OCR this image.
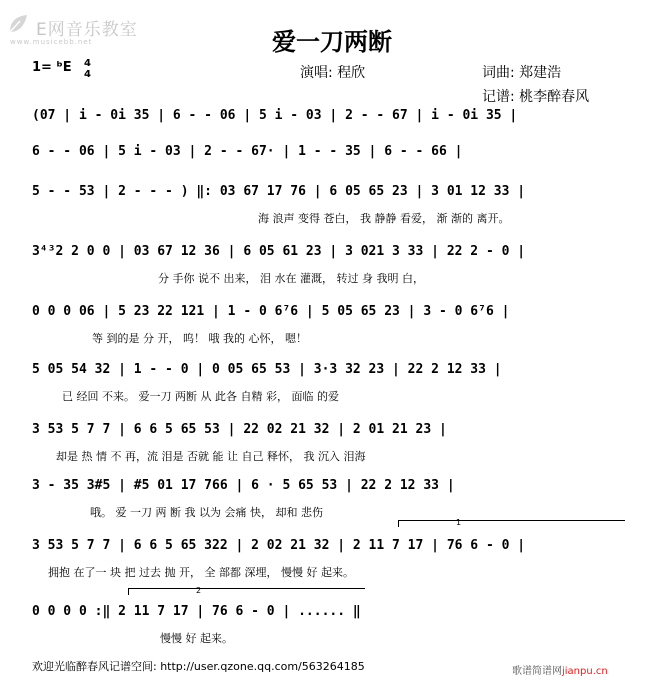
E网音乐教室
www.musicebb.net	爱一刀两断
1= ᵇE 4
4	演唱: 程欣	词曲: 郑建浩
记谱: 桃李醉春风
(07 | i - 0i 35 | 6 - - 06 | 5 i - 03 | 2 - - 67 | i - 0i 35 |
6 - - 06 | 5 i - 03 | 2 - - 67· | 1 - - 35 | 6 - - 66 |
5 - - 53 | 2 - - - ) ‖: 03 67 17 76 | 6 05 65 23 | 3 01 12 33 |
海 浪声 变得 苍白， 我 静静 看爱， 渐 渐的 离开。
3⁴³2 2 0 0 | 03 67 12 36 | 6 05 61 23 | 3 021 3 33 | 22 2 - 0 |
分 手你 说不 出来， 泪 水在 灌溉， 转过 身 我明 白，
0 0 0 06 | 5 23 22 121 | 1 - 0 6⁷6 | 5 05 65 23 | 3 - 0 6⁷6 |
等 到的是 分 开， 呜！ 哦 我的 心怀， 嗯！
5 05 54 32 | 1 - - 0 | 0 05 65 53 | 3·3 32 23 | 22 2 12 33 |
已 经回 不来。 爱一刀 两断 从 此各 自精 彩， 面临 的爱
3 53 5 7 7 | 6 6 5 65 53 | 22 02 21 32 | 2 01 21 23 |
却是 热 情 不 再，流 泪是 否就 能 让 自己 释怀， 我 沉入 泪海
3 - 35 3#5 | #5 01 17 766 | 6 · 5 65 53 | 22 2 12 33 |
哦。 爱 一刀 两 断 我 以为 会痛 快， 却和 悲伤
1
3 53 5 7 7 | 6 6 5 65 322 | 2 02 21 32 | 2 11 7 17 | 76 6 - 0 |
拥抱 在了一 块 把 过去 抛 开， 全 部都 深埋， 慢慢 好 起来。
2
0 0 0 0 :‖ 2 11 7 17 | 76 6 - 0 | ...... ‖
慢慢 好 起来。
欢迎光临醉春风记谱空间: http://user.qzone.qq.com/563264185	歌谱简谱网jianpu.cn
